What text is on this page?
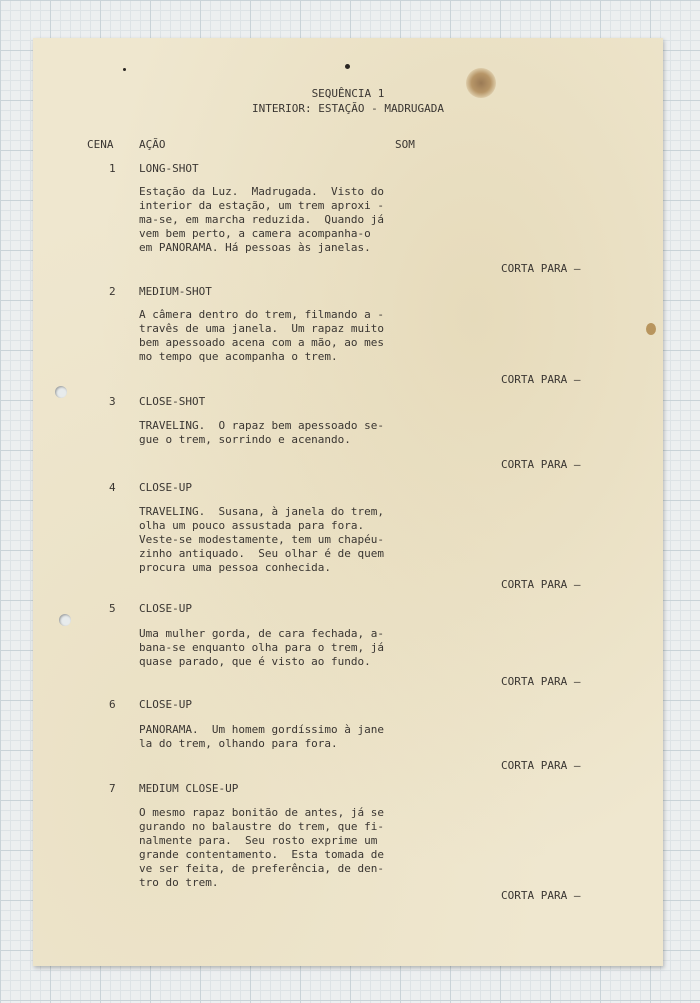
SEQUÊNCIA 1
INTERIOR: ESTAÇÃO - MADRUGADA
CENA AÇÃO	SOM
1 LONG-SHOT
Estação da Luz.  Madrugada.  Visto do
interior da estação, um trem aproxi -
ma-se, em marcha reduzida.  Quando já
vem bem perto, a camera acompanha-o
em PANORAMA. Há pessoas às janelas.
CORTA PARA —
2 MEDIUM-SHOT
A câmera dentro do trem, filmando a -
travês de uma janela.  Um rapaz muito
bem apessoado acena com a mão, ao mes
mo tempo que acompanha o trem.
CORTA PARA —
3 CLOSE-SHOT
TRAVELING.  O rapaz bem apessoado se-
gue o trem, sorrindo e acenando.
CORTA PARA —
4 CLOSE-UP
TRAVELING.  Susana, à janela do trem,
olha um pouco assustada para fora.
Veste-se modestamente, tem um chapéu-
zinho antiquado.  Seu olhar é de quem
procura uma pessoa conhecida.
CORTA PARA —
5 CLOSE-UP
Uma mulher gorda, de cara fechada, a-
bana-se enquanto olha para o trem, já
quase parado, que é visto ao fundo.
CORTA PARA —
6 CLOSE-UP
PANORAMA.  Um homem gordíssimo à jane
la do trem, olhando para fora.
CORTA PARA —
7 MEDIUM CLOSE-UP
O mesmo rapaz bonitão de antes, já se
gurando no balaustre do trem, que fi-
nalmente para.  Seu rosto exprime um
grande contentamento.  Esta tomada de
ve ser feita, de preferência, de den-
tro do trem.
CORTA PARA —
